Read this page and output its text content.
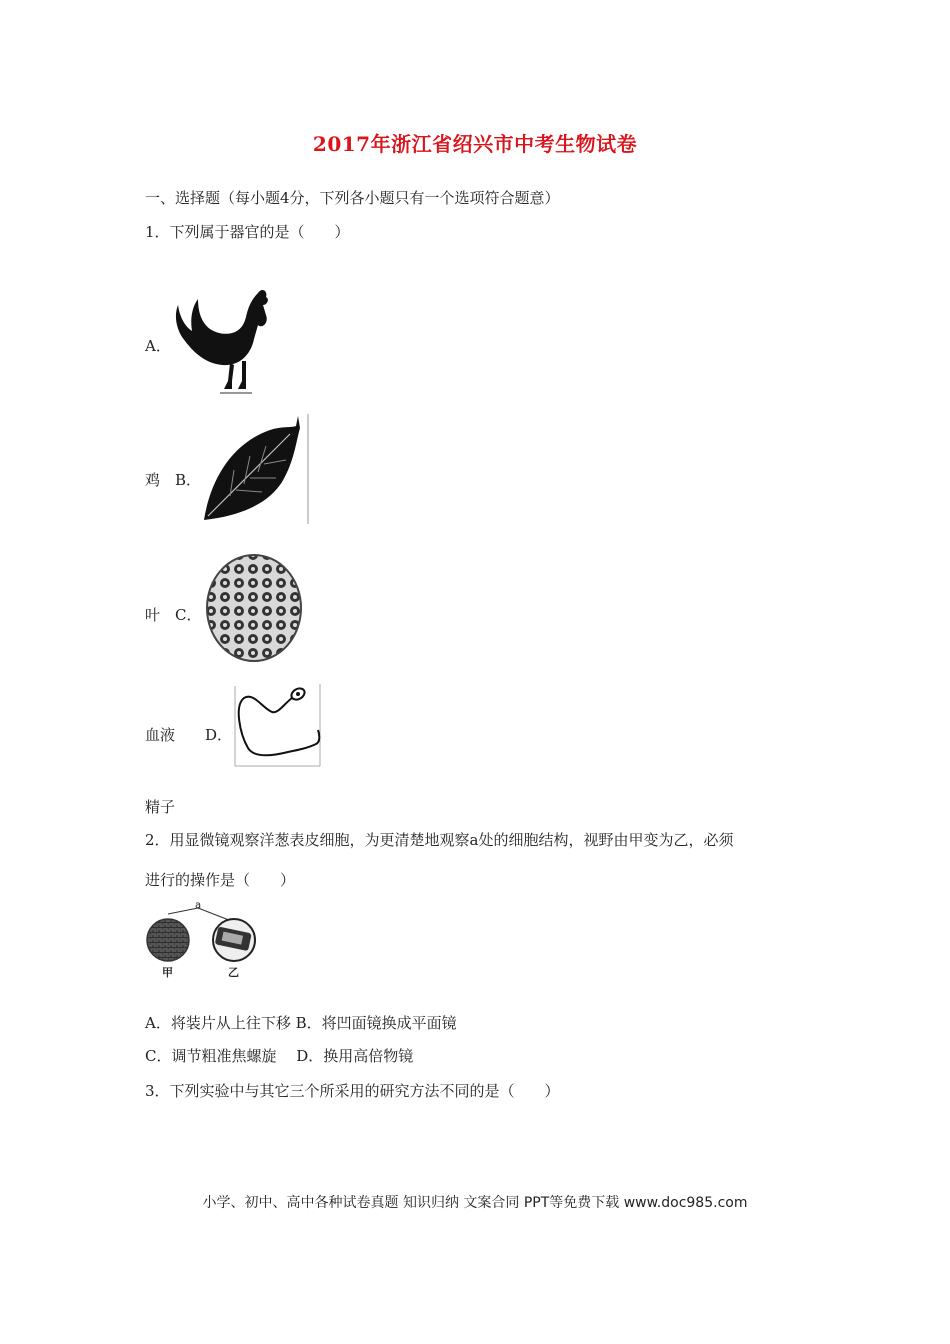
2017年浙江省绍兴市中考生物试卷
一、选择题（每小题4分，下列各小题只有一个选项符合题意）
1．下列属于器官的是（　　）
A．
鸡　B．
叶　C．
血液　　D．
精子
2．用显微镜观察洋葱表皮细胞，为更清楚地观察a处的细胞结构，视野由甲变为乙，必须
进行的操作是（　　）
a
甲	乙
A．将装片从上往下移 B．将凹面镜换成平面镜
C．调节粗准焦螺旋　 D．换用高倍物镜
3．下列实验中与其它三个所采用的研究方法不同的是（　　）
小学、初中、高中各种试卷真题 知识归纳 文案合同 PPT等免费下载 www.doc985.com
